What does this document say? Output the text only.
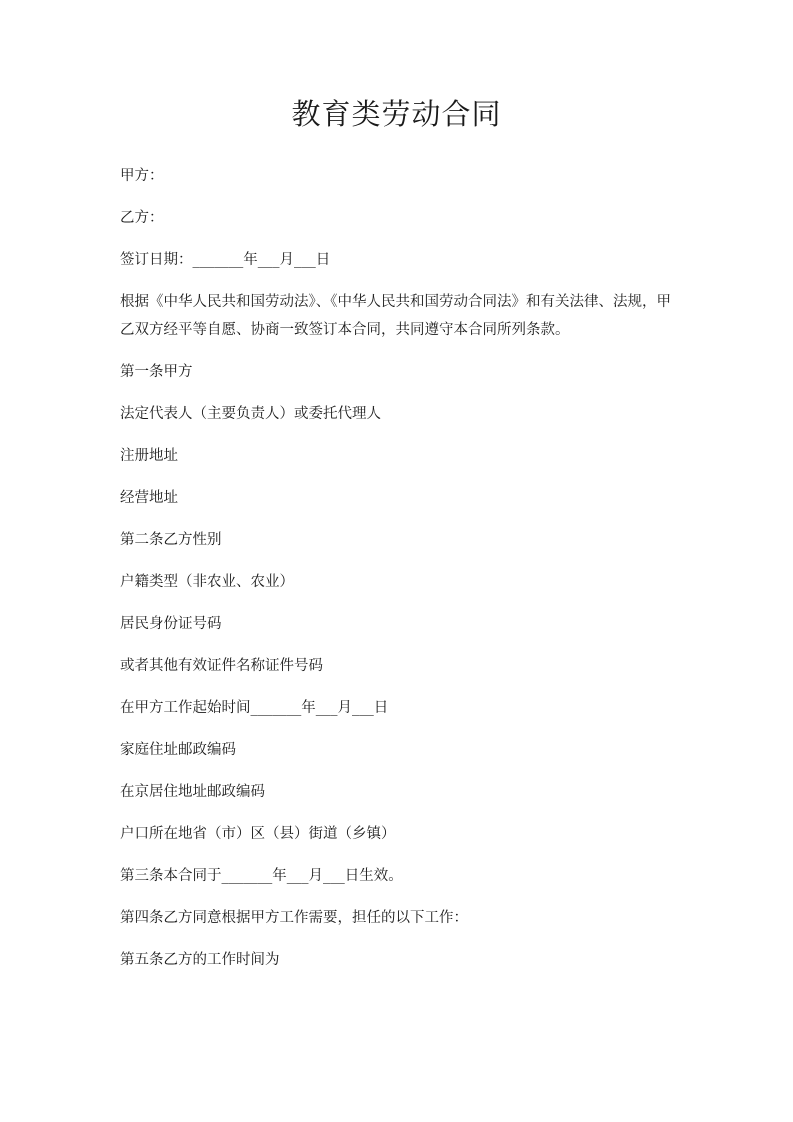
教育类劳动合同

甲方：

乙方：

签订日期：_______年___月___日

根据《中华人民共和国劳动法》、《中华人民共和国劳动合同法》和有关法律、法规，甲乙双方经平等自愿、协商一致签订本合同，共同遵守本合同所列条款。

第一条甲方

法定代表人（主要负责人）或委托代理人

注册地址

经营地址

第二条乙方性别

户籍类型（非农业、农业）

居民身份证号码

或者其他有效证件名称证件号码

在甲方工作起始时间_______年___月___日

家庭住址邮政编码

在京居住地址邮政编码

户口所在地省（市）区（县）街道（乡镇）

第三条本合同于_______年___月___日生效。

第四条乙方同意根据甲方工作需要，担任的以下工作：

第五条乙方的工作时间为
